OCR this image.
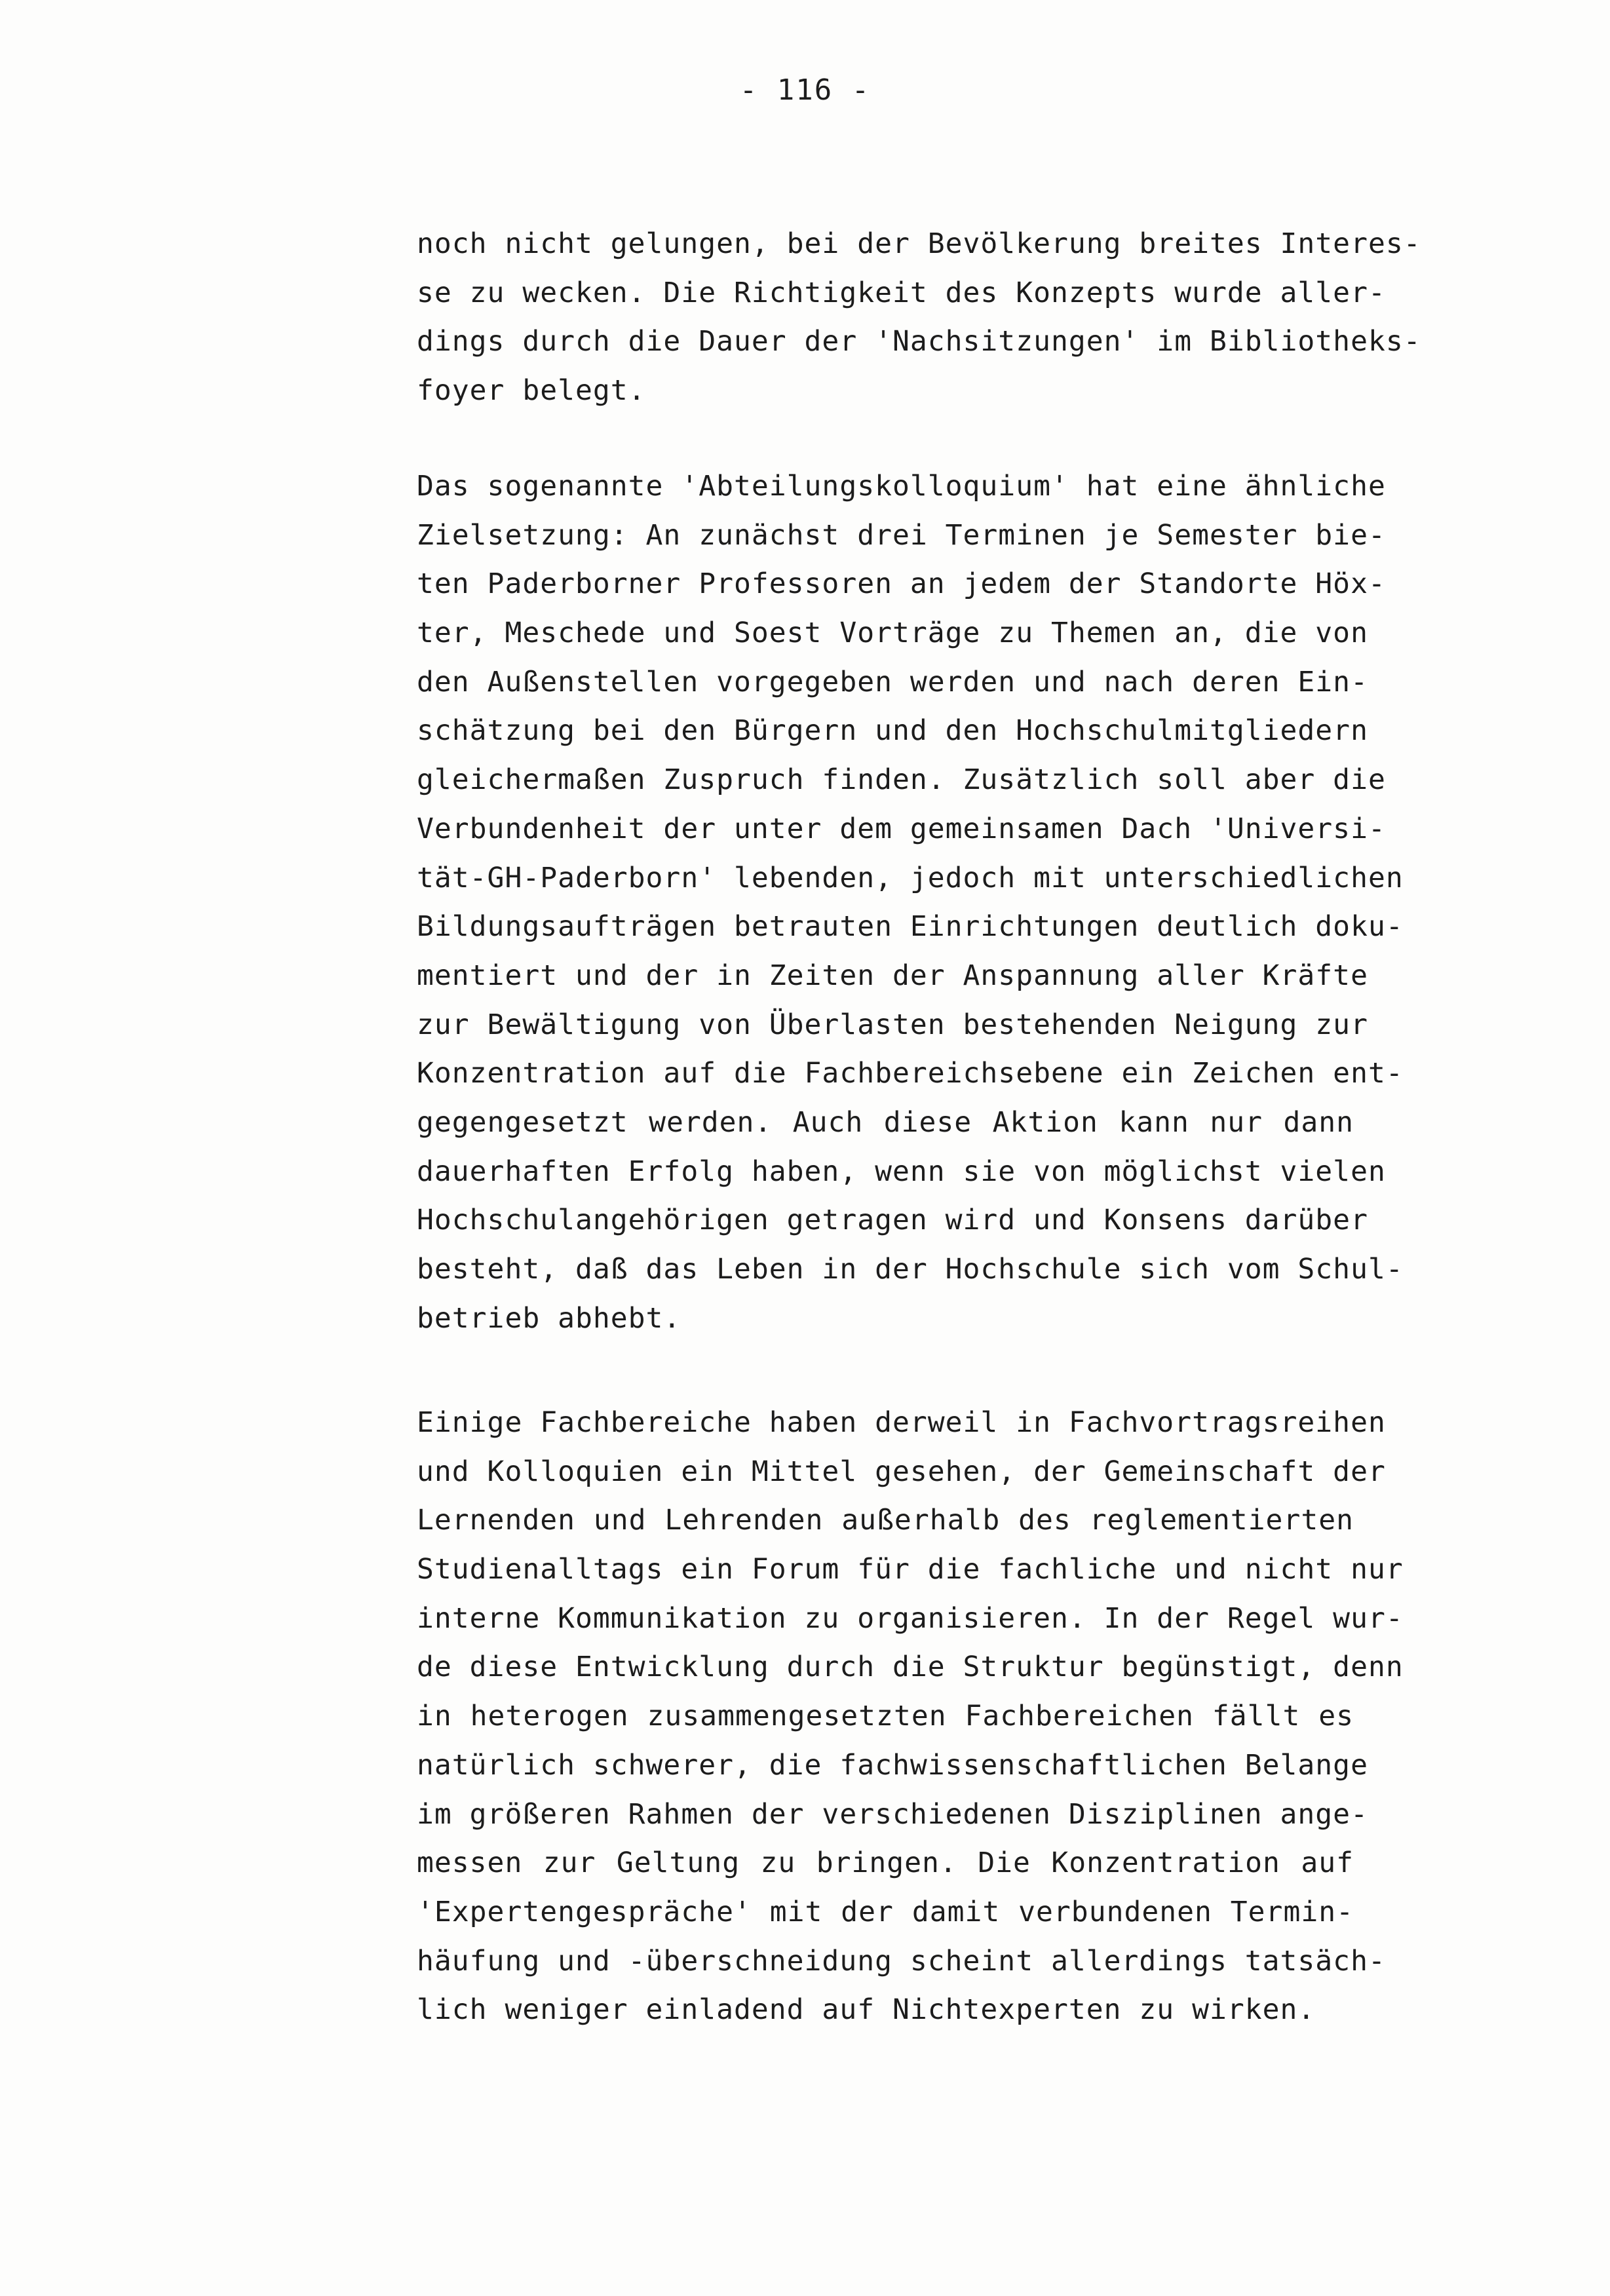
- 116 -
noch nicht gelungen, bei der Bevölkerung breites Interes-
se zu wecken. Die Richtigkeit des Konzepts wurde aller-
dings durch die Dauer der 'Nachsitzungen' im Bibliotheks-
foyer belegt.
Das sogenannte 'Abteilungskolloquium' hat eine ähnliche
Zielsetzung: An zunächst drei Terminen je Semester bie-
ten Paderborner Professoren an jedem der Standorte Höx-
ter, Meschede und Soest Vorträge zu Themen an, die von
den Außenstellen vorgegeben werden und nach deren Ein-
schätzung bei den Bürgern und den Hochschulmitgliedern
gleichermaßen Zuspruch finden. Zusätzlich soll aber die
Verbundenheit der unter dem gemeinsamen Dach 'Universi-
tät-GH-Paderborn' lebenden, jedoch mit unterschiedlichen
Bildungsaufträgen betrauten Einrichtungen deutlich doku-
mentiert und der in Zeiten der Anspannung aller Kräfte
zur Bewältigung von Überlasten bestehenden Neigung zur
Konzentration auf die Fachbereichsebene ein Zeichen ent-
gegengesetzt werden. Auch diese Aktion kann nur dann
dauerhaften Erfolg haben, wenn sie von möglichst vielen
Hochschulangehörigen getragen wird und Konsens darüber
besteht, daß das Leben in der Hochschule sich vom Schul-
betrieb abhebt.
Einige Fachbereiche haben derweil in Fachvortragsreihen
und Kolloquien ein Mittel gesehen, der Gemeinschaft der
Lernenden und Lehrenden außerhalb des reglementierten
Studienalltags ein Forum für die fachliche und nicht nur
interne Kommunikation zu organisieren. In der Regel wur-
de diese Entwicklung durch die Struktur begünstigt, denn
in heterogen zusammengesetzten Fachbereichen fällt es
natürlich schwerer, die fachwissenschaftlichen Belange
im größeren Rahmen der verschiedenen Disziplinen ange-
messen zur Geltung zu bringen. Die Konzentration auf
'Expertengespräche' mit der damit verbundenen Termin-
häufung und -überschneidung scheint allerdings tatsäch-
lich weniger einladend auf Nichtexperten zu wirken.
